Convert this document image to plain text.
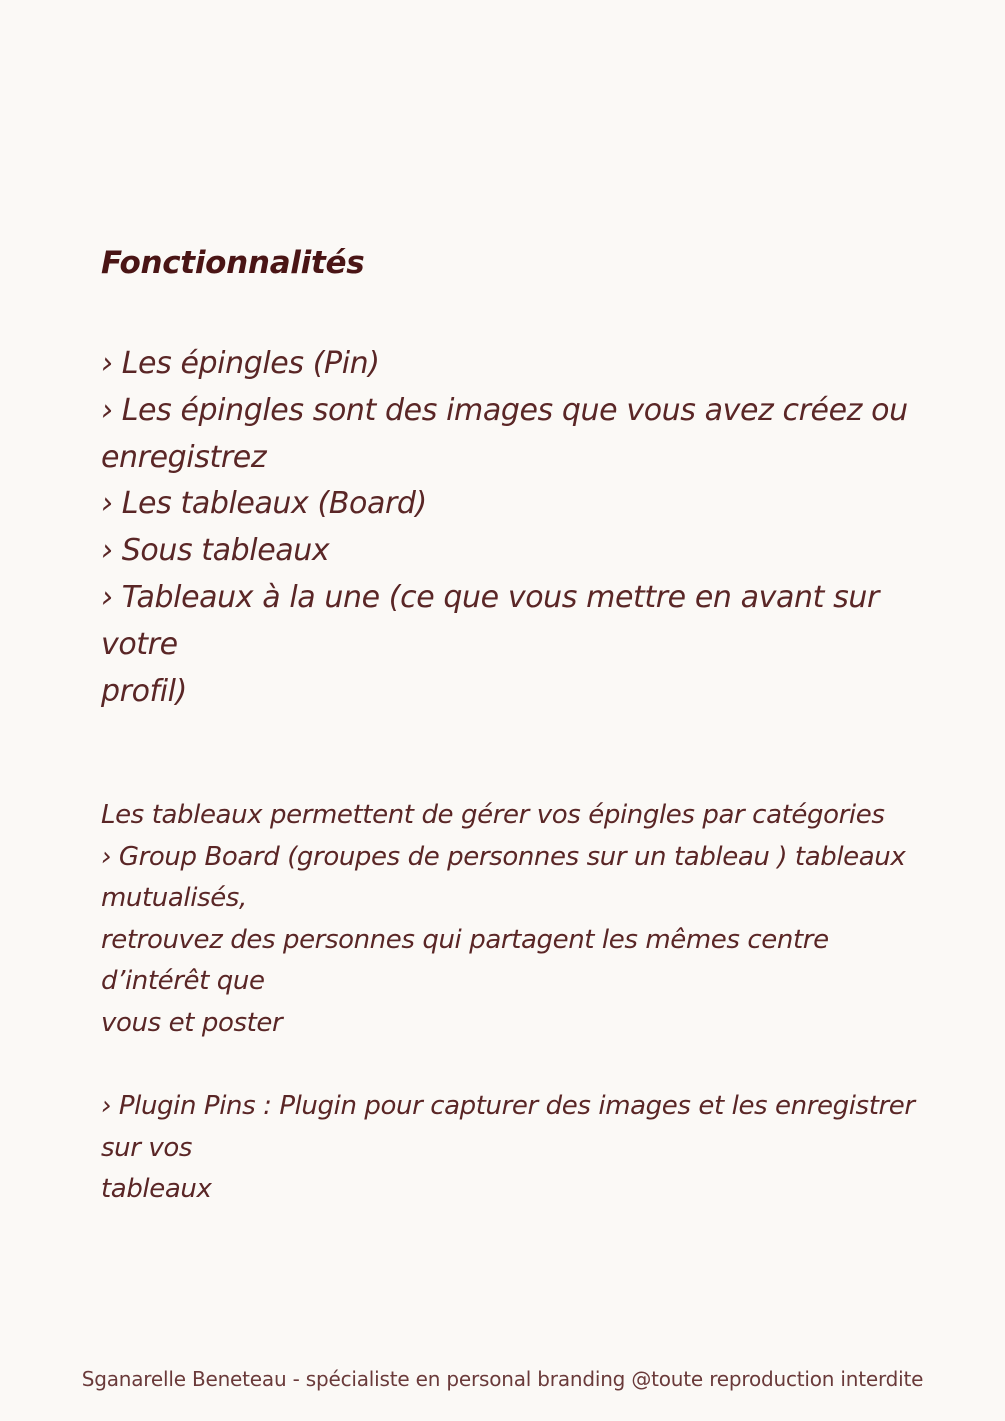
Fonctionnalités
› Les épingles (Pin)
› Les épingles sont des images que vous avez créez ou
enregistrez
› Les tableaux (Board)
› Sous tableaux
› Tableaux à la une (ce que vous mettre en avant sur votre
profil)

Les tableaux permettent de gérer vos épingles par catégories
› Group Board (groupes de personnes sur un tableau ) tableaux
mutualisés,
retrouvez des personnes qui partagent les mêmes centre
d’intérêt que
vous et poster

› Plugin Pins : Plugin pour capturer des images et les enregistrer
sur vos
tableaux

Sganarelle Beneteau - spécialiste en personal branding @toute reproduction interdite
